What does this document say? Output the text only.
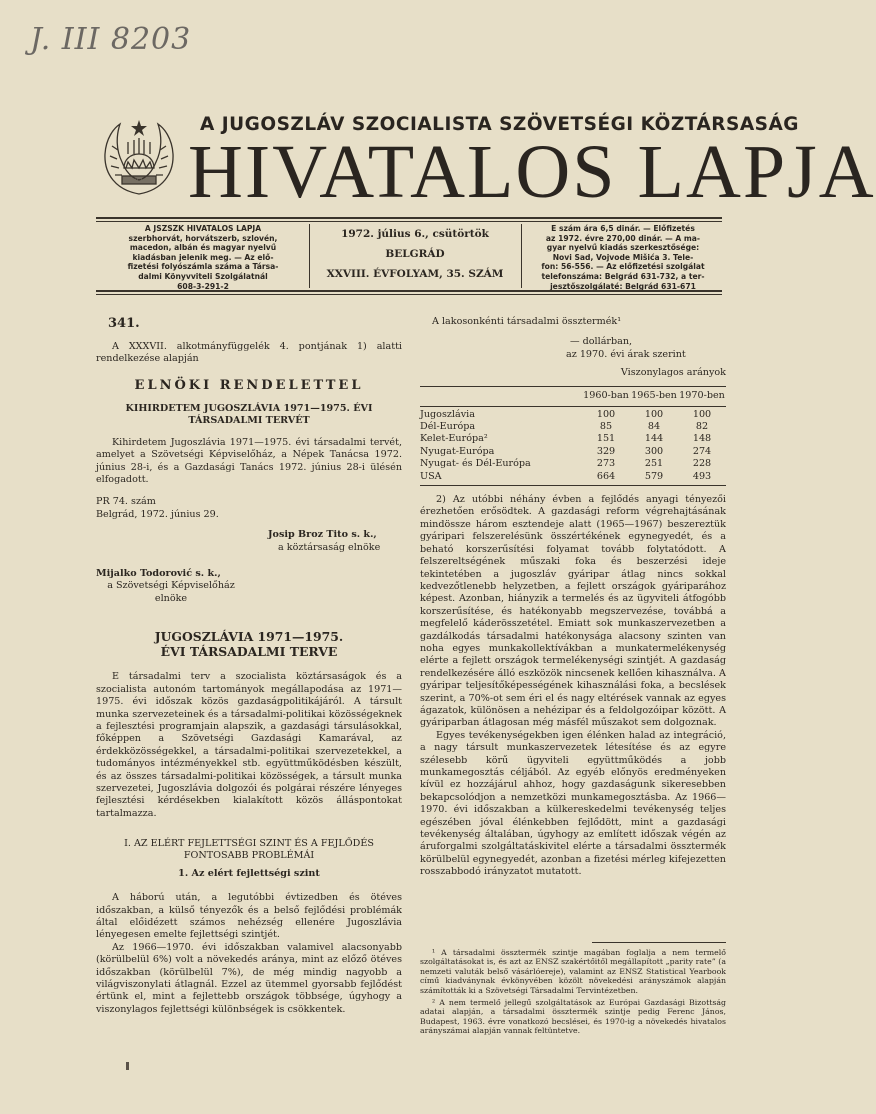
J. III 8203
A JUGOSZLÁV SZOCIALISTA SZÖVETSÉGI KÖZTÁRSASÁG
HIVATALOS LAPJA
A JSZSZK HIVATALOS LAPJA
szerbhorvát, horvátszerb, szlovén,
macedon, albán és magyar nyelvű
kiadásban jelenik meg. — Az elő-
fizetési folyószámla száma a Társa-
dalmi Könyvviteli Szolgálatnál
608-3-291-2
1972. július 6., csütörtök
BELGRÁD
XXVIII. ÉVFOLYAM, 35. SZÁM
E szám ára 6,5 dinár. — Előfizetés
az 1972. évre 270,00 dinár. — A ma-
gyar nyelvű kiadás szerkesztősége:
Novi Sad, Vojvode Mišića 3. Tele-
fon: 56-556. — Az előfizetési szolgálat
telefonszáma: Belgrád 631-732, a ter-
jesztőszolgálaté: Belgrád 631-671
341.

A XXXVII. alkotmányfüggelék 4. pontjának 1) alatti rendelkezése alapján

ELNÖKI RENDELETTEL
KIHIRDETEM JUGOSZLÁVIA 1971—1975. ÉVI TÁRSADALMI TERVÉT

Kihirdetem Jugoszlávia 1971—1975. évi társadalmi tervét, amelyet a Szövetségi Képviselőház, a Népek Tanácsa 1972. június 28-i, és a Gazdasági Tanács 1972. június 28-i ülésén elfogadott.

PR 74. szám

Belgrád, 1972. június 29.

Josip Broz Tito s. k.,
a köztársaság elnöke
Mijalko Todorović s. k.,
a Szövetségi Képviselőház elnöke
JUGOSZLÁVIA 1971—1975. ÉVI TÁRSADALMI TERVE

E társadalmi terv a szocialista köztársaságok és a szocialista autonóm tartományok megállapodása az 1971—1975. évi időszak közös gazdaságpolitikájáról. A társult munka szervezeteinek és a társadalmi-politikai közösségeknek a fejlesztési programjain alapszik, a gazdasági társulásokkal, főképpen a Szövetségi Gazdasági Kamarával, az érdekközösségekkel, a társadalmi-politikai szervezetekkel, a tudományos intézményekkel stb. együttműködésben készült, és az összes társadalmi-politikai közösségek, a társult munka szervezetei, Jugoszlávia dolgozói és polgárai részére lényeges fejlesztési kérdésekben kialakított közös álláspontokat tartalmazza.

I. AZ ELÉRT FEJLETTSÉGI SZINT ÉS A FEJLŐDÉS FONTOSABB PROBLÉMÁI
1. Az elért fejlettségi szint

A háború után, a legutóbbi évtizedben és ötéves időszakban, a külső tényezők és a belső fejlődési problémák által előidézett számos nehézség ellenére Jugoszlávia lényegesen emelte fejlettségi szintjét.

Az 1966—1970. évi időszakban valamivel alacsonyabb (körülbelül 6%) volt a növekedés aránya, mint az előző ötéves időszakban (körülbelül 7%), de még mindig nagyobb a világviszonylati átlagnál. Ezzel az ütemmel gyorsabb fejlődést értünk el, mint a fejlettebb országok többsége, úgyhogy a viszonylagos fejlettségi különbségek is csökkentek.

A lakosonkénti társadalmi össztermék¹

— dollárban,

az 1970. évi árak szerint

Viszonylagos arányok

	1960-ban	1965-ben	1970-ben
Jugoszlávia	100	100	100
Dél-Európa	85	84	82
Kelet-Európa²	151	144	148
Nyugat-Európa	329	300	274
Nyugat- és Dél-Európa	273	251	228
USA	664	579	493

2) Az utóbbi néhány évben a fejlődés anyagi tényezői érezhetően erősödtek. A gazdasági reform végrehajtásának mindössze három esztendeje alatt (1965—1967) beszereztük gyáripari felszerelésünk összértékének egynegyedét, és a beható korszerűsítési folyamat tovább folytatódott. A felszereltségének műszaki foka és beszerzési ideje tekintetében a jugoszláv gyáripar átlag nincs sokkal kedvezőtlenebb helyzetben, a fejlett országok gyáriparához képest. Azonban, hiányzik a termelés és az ügyviteli átfogóbb korszerűsítése, és hatékonyabb megszervezése, továbbá a megfelelő káderösszetétel. Emiatt sok munkaszervezetben a gazdálkodás társadalmi hatékonysága alacsony szinten van noha egyes munkakollektívákban a munkatermelékenység elérte a fejlett országok termelékenységi szintjét. A gazdaság rendelkezésére álló eszközök nincsenek kellően kihasználva. A gyáripar teljesítőképességének kihasználási foka, a becslések szerint, a 70%-ot sem éri el és nagy eltérések vannak az egyes ágazatok, különösen a nehézipar és a feldolgozóipar között. A gyáriparban átlagosan még másfél műszakot sem dolgoznak.

Egyes tevékenységekben igen élénken halad az integráció, a nagy társult munkaszervezetek létesítése és az egyre szélesebb körű ügyviteli együttműködés a jobb munkamegosztás céljából. Az egyéb előnyös eredményeken kívül ez hozzájárul ahhoz, hogy gazdaságunk sikeresebben bekapcsolódjon a nemzetközi munkamegosztásba. Az 1966—1970. évi időszakban a külkereskedelmi tevékenység teljes egészében jóval élénkebben fejlődött, mint a gazdasági tevékenység általában, úgyhogy az említett időszak végén az áruforgalmi szolgáltatáskivitel elérte a társadalmi össztermék körülbelül egynegyedét, azonban a fizetési mérleg kifejezetten rosszabbodó irányzatot mutatott.

¹ A társadalmi össztermék szintje magában foglalja a nem termelő szolgáltatásokat is, és azt az ENSZ szakértőitől megállapított „parity rate” (a nemzeti valuták belső vásárlóereje), valamint az ENSZ Statistical Yearbook című kiadványnak évkönyvében közölt növekedési arányszámok alapján számították ki a Szövetségi Társadalmi Tervintézetben.

² A nem termelő jellegű szolgáltatások az Európai Gazdasági Bizottság adatai alapján, a társadalmi össztermék szintje pedig Ferenc János, Budapest, 1963. évre vonatkozó becslései, és 1970-ig a növekedés hivatalos arányszámai alapján vannak feltüntetve.
